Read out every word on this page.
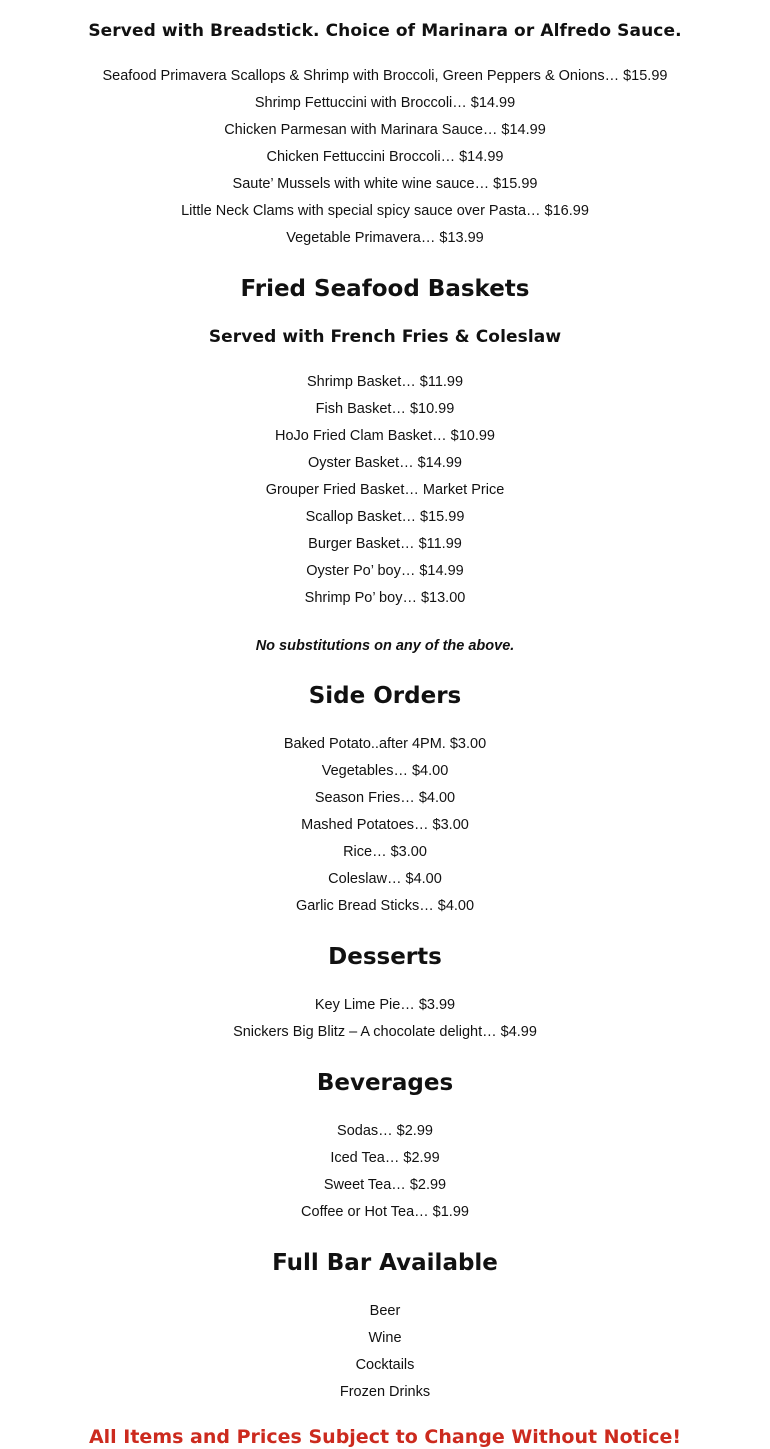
Served with Breadstick. Choice of Marinara or Alfredo Sauce.

Seafood Primavera Scallops & Shrimp with Broccoli, Green Peppers & Onions… $15.99
Shrimp Fettuccini with Broccoli… $14.99
Chicken Parmesan with Marinara Sauce… $14.99
Chicken Fettuccini Broccoli… $14.99
Saute’ Mussels with white wine sauce… $15.99
Little Neck Clams with special spicy sauce over Pasta… $16.99
Vegetable Primavera… $13.99
Fried Seafood Baskets

Served with French Fries & Coleslaw

Shrimp Basket… $11.99
Fish Basket… $10.99
HoJo Fried Clam Basket… $10.99
Oyster Basket… $14.99
Grouper Fried Basket… Market Price
Scallop Basket… $15.99
Burger Basket… $11.99
Oyster Po’ boy… $14.99
Shrimp Po’ boy… $13.00

No substitutions on any of the above.

Side Orders
Baked Potato..after 4PM. $3.00
Vegetables… $4.00
Season Fries… $4.00
Mashed Potatoes… $3.00
Rice… $3.00
Coleslaw… $4.00
Garlic Bread Sticks… $4.00
Desserts
Key Lime Pie… $3.99
Snickers Big Blitz – A chocolate delight… $4.99
Beverages
Sodas… $2.99
Iced Tea… $2.99
Sweet Tea… $2.99
Coffee or Hot Tea… $1.99
Full Bar Available
Beer
Wine
Cocktails
Frozen Drinks

All Items and Prices Subject to Change Without Notice!
